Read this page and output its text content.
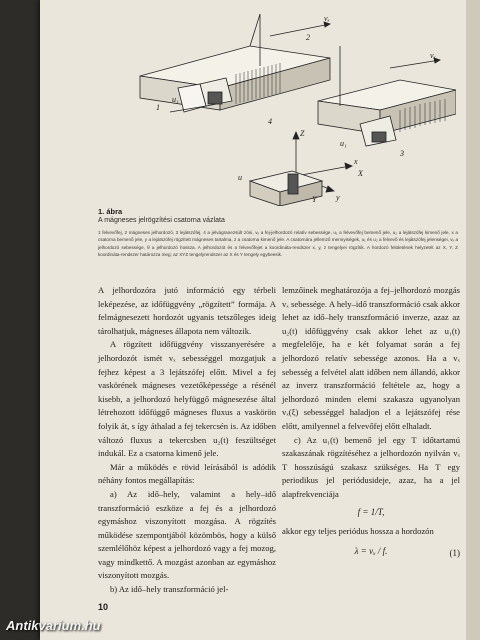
2
vₓ
vₓ
1
u₁
3
u₁
4
Z
x
y
u	X
Y
1. ábra
A mágneses jelrögzítési csatorna vázlata
1 felvevőfej, 2 mágneses jelhordozó, 3 lejátszófej, 4 a jelvágranezsúlt zóni, vₓ a fej-jelhordozó relatív sebessége, u₁ a felvevőfej bemenő jele, u₂ a lejátszófej kimenő jele, x a csatorna bemenő jele, y a lejátszófej rögzített mágneses tartalma, z a csatorna kimenő jele. A csatornára jellemző mennyiségek, u₁ és u₂ a felvevő és lejátszófej jelenségei, vₓ a jelhordozó sebessége, θ a jelhordozó hossza. A jelhordozót és a felvevőfejet a koordináta-rendszer x, y, z tengelyei rögzítik. A hordozó felületének helyzetét az X, Y, Z koordináta-rendszer határozza meg; az XYZ tengelyrendszer az X és Y tengely egybeesik.

A jelhordozóra jutó információ egy térbeli leképezése, az időfüggvény „rögzített” formája. A felmágnesezett hordozót ugyanis tetszőleges ideig tárolhatjuk, mágneses állapota nem változik.

A rögzített időfüggvény visszanyerésére a jelhordozót ismét vₓ sebességgel mozgatjuk a fejhez képest a 3 lejátszófej előtt. Mivel a fej vaskörének mágneses vezetőképessége a résénél kisebb, a jelhordozó helyfüggő mágnesezése által létrehozott időfüggő mágneses fluxus a vaskörön folyik át, s így áthalad a fej tekercsén is. Az időben változó fluxus a tekercsben u₂(t) feszültséget indukál. Ez a csatorna kimenő jele.

Már a működés e rövid leírásából is adódik néhány fontos megállapítás:

a) Az idő–hely, valamint a hely–idő transzformáció eszköze a fej és a jelhordozó egymáshoz viszonyított mozgása. A rögzítés működése szempontjából közömbös, hogy a külső szemlélőhöz képest a jelhordozó vagy a fej mozog, vagy mindkettő. A mozgást azonban az egymáshoz viszonyított mozgás.

b) Az idő–hely transzformáció jel-

lemzőinek meghatározója a fej–jelhordozó mozgás vₓ sebessége. A hely–idő transzformáció csak akkor lehet az idő–hely transzformáció inverze, azaz az u₂(t) időfüggvény csak akkor lehet az u₁(t) megfelelője, ha e két folyamat során a fej jelhordozó relatív sebessége azonos. Ha a vₓ sebesség a felvétel alatt időben nem állandó, akkor az inverz transzformáció feltétele az, hogy a jelhordozó minden elemi szakasza ugyanolyan vₓ(ξ) sebességgel haladjon el a lejátszófej rése előtt, amilyennel a felvevőfej előtt elhaladt.

c) Az u₁(t) bemenő jel egy T időtartamú szakaszának rögzítéséhez a jelhordozón nyilván vₓ T hosszúságú szakasz szükséges. Ha T egy periodikus jel periódusideje, azaz, ha a jel alapfrekvenciája

f = 1/T,

akkor egy teljes periódus hossza a hordozón

λ = vₓ / f.	(1)
10
Antikvarium.hu
